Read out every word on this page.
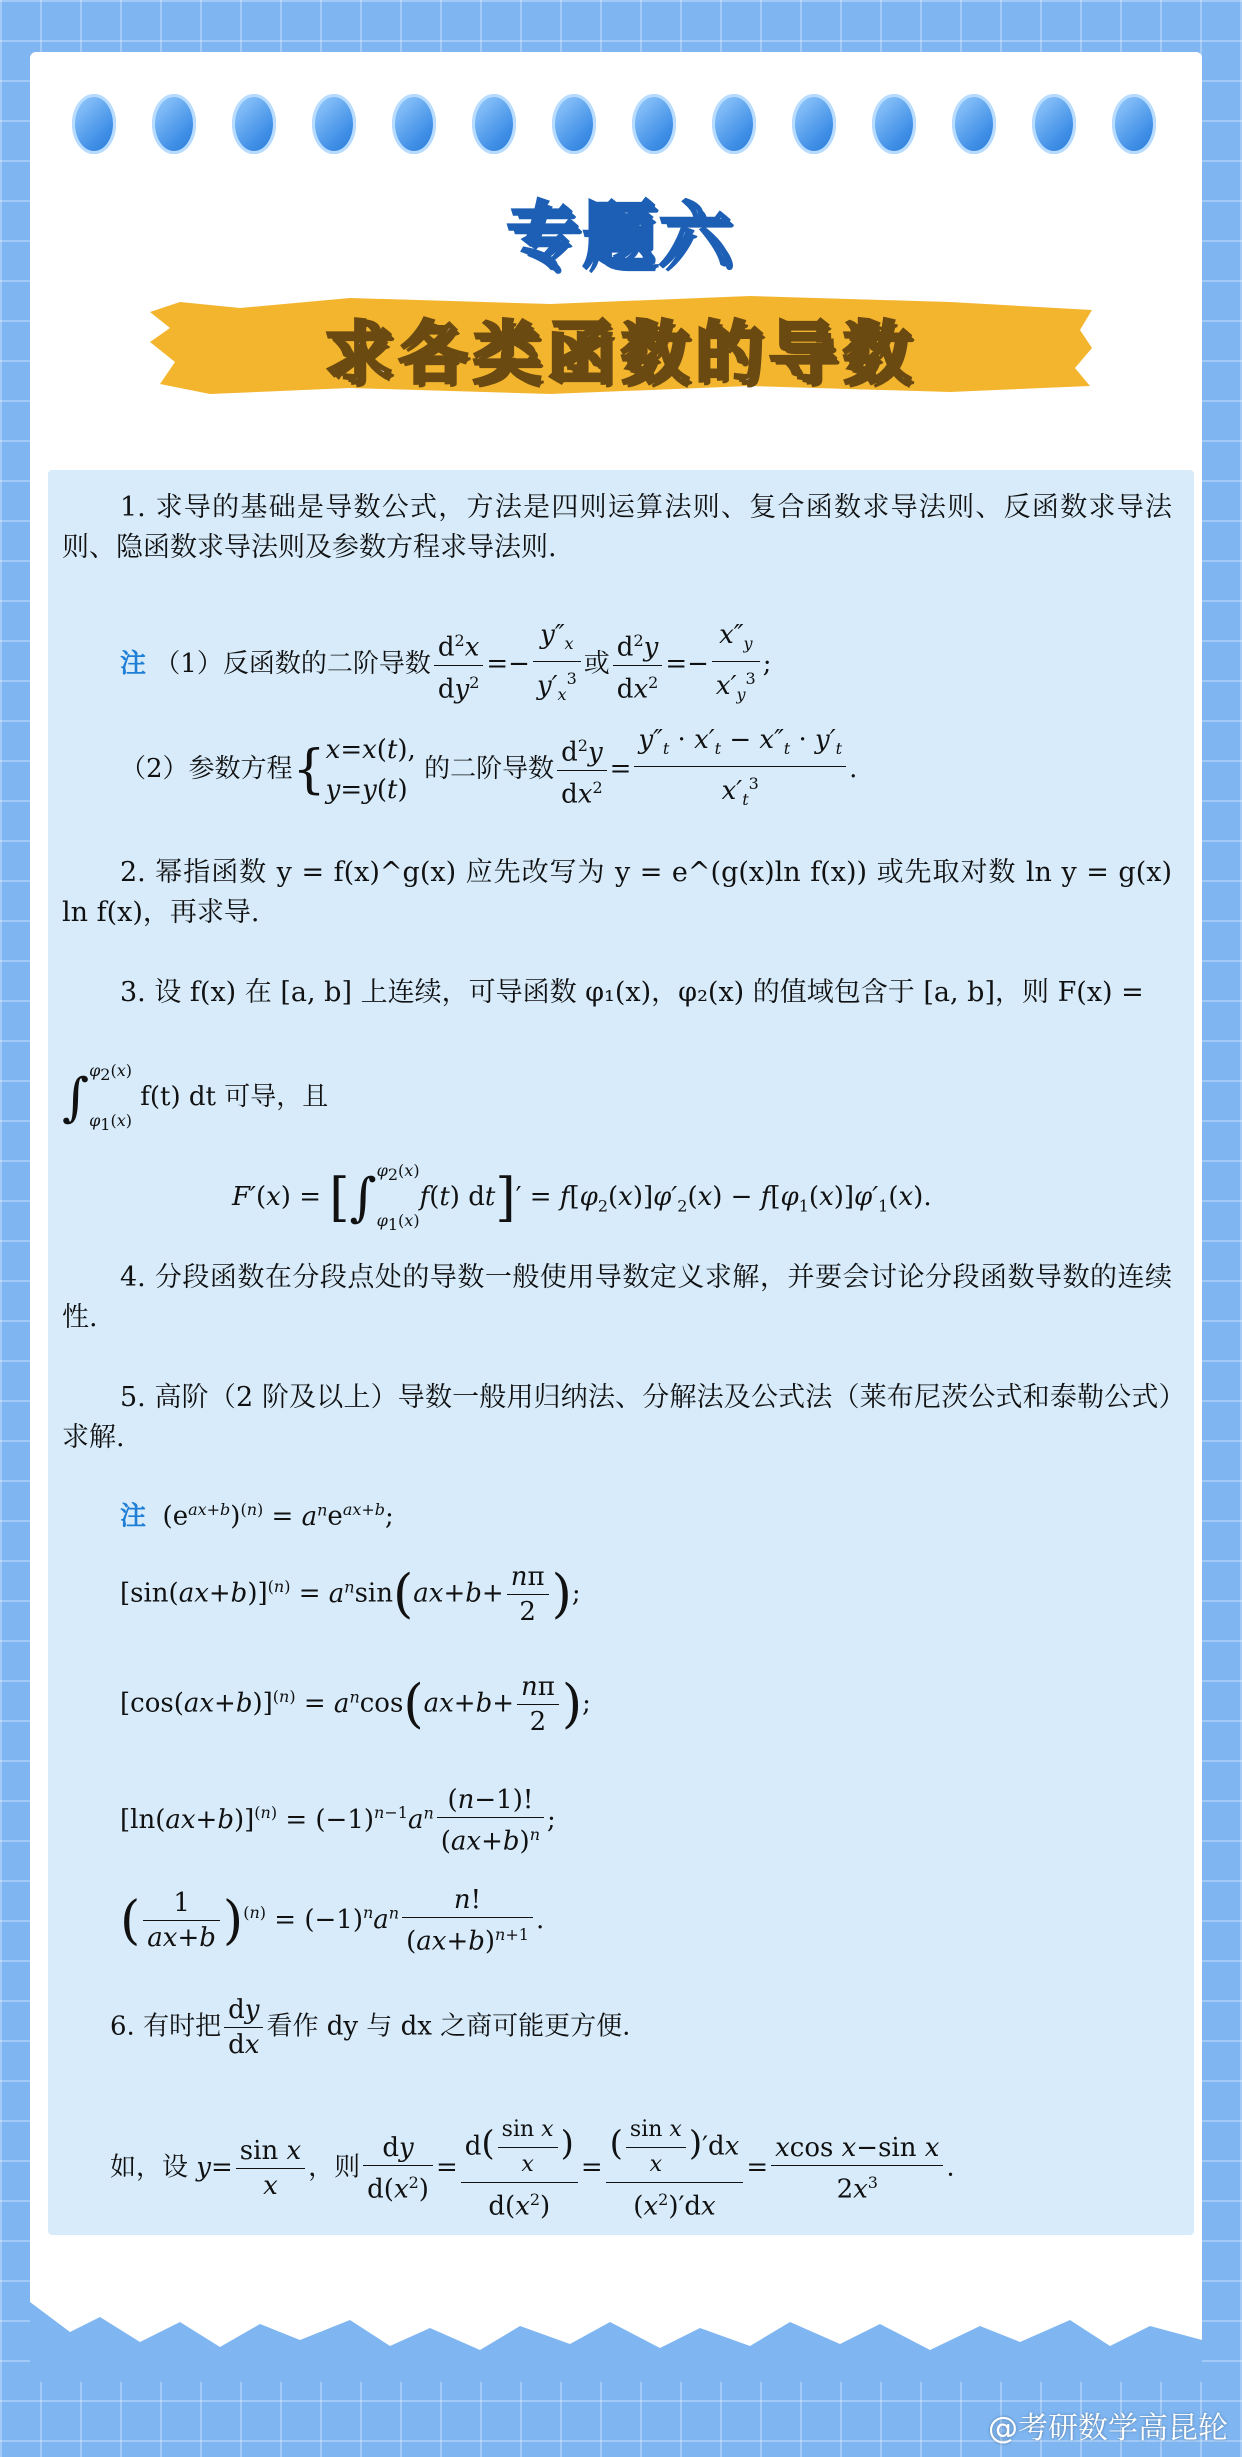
专题六
求各类函数的导数

1. 求导的基础是导数公式，方法是四则运算法则、复合函数求导法则、反函数求导法则、隐函数求导法则及参数方程求导法则.

注 （1）反函数的二阶导数 $\frac{d^2x}{dy^2} =- \frac{y''_x}{y'_x^3}$ 或 $\frac{d^2y}{dx^2} =- \frac{x''_y}{x'_y^3}$ ;
（2）参数方程{x=x(t),
y=y(t) 的二阶导数 $\frac{d^2y}{dx^2} = \frac{y''_t \cdot x'_t - x''_t \cdot y'_t}{x'_t^3}$ .

2. 幂指函数 y = f(x)^g(x) 应先改写为 y = e^(g(x)ln f(x)) 或先取对数 ln y = g(x) ln f(x)，再求导.

3. 设 f(x) 在 [a, b] 上连续，可导函数 φ₁(x)，φ₂(x) 的值域包含于 [a, b]，则 F(x) =

$\int\varphi_2(x)$
$\varphi_1(x)$ f(t) dt 可导，且
$F'(x) = [\int\varphi_2(x)$
$\varphi_1(x)f(t) dt]' = f[\varphi_2(x)]\varphi'_2(x) - f[\varphi_1(x)]\varphi'_1(x)$.

4. 分段函数在分段点处的导数一般使用导数定义求解，并要会讨论分段函数导数的连续性.

5. 高阶（2 阶及以上）导数一般用归纳法、分解法及公式法（莱布尼茨公式和泰勒公式）求解.

注  $(e^{ax+b})^{(n)} = a^ne^{ax+b}$;
$[\sin(ax+b)]^{(n)} = a^n\sin(ax+b+ \frac{n\pi}{2}$ );
$[\cos(ax+b)]^{(n)} = a^n\cos(ax+b+ \frac{n\pi}{2}$ );
$[\ln(ax+b)]^{(n)} = (-1)^{n-1}a^n \frac{(n-1)!}{(ax+b)^n}$ ;
( $\frac{1}{ax+b} )^{(n)} = (-1)^na^n \frac{n!}{(ax+b)^{n+1}}$ .
6. 有时把 $\frac{dy}{dx}$ 看作 dy 与 dx 之商可能更方便.
如，设 $y= \frac{\text{sin x}}{x}$ ，则 $\frac{dy}{d(x^2)} = \frac{d( \frac{\text{sin x}}{x} )}{d(x^2)} = \frac{( \frac{\text{sin x}}{x} )'dx}{(x^2)'dx} = \frac{\text{xcos x−sin x}}{2x^3}$ .
@考研数学高昆轮
